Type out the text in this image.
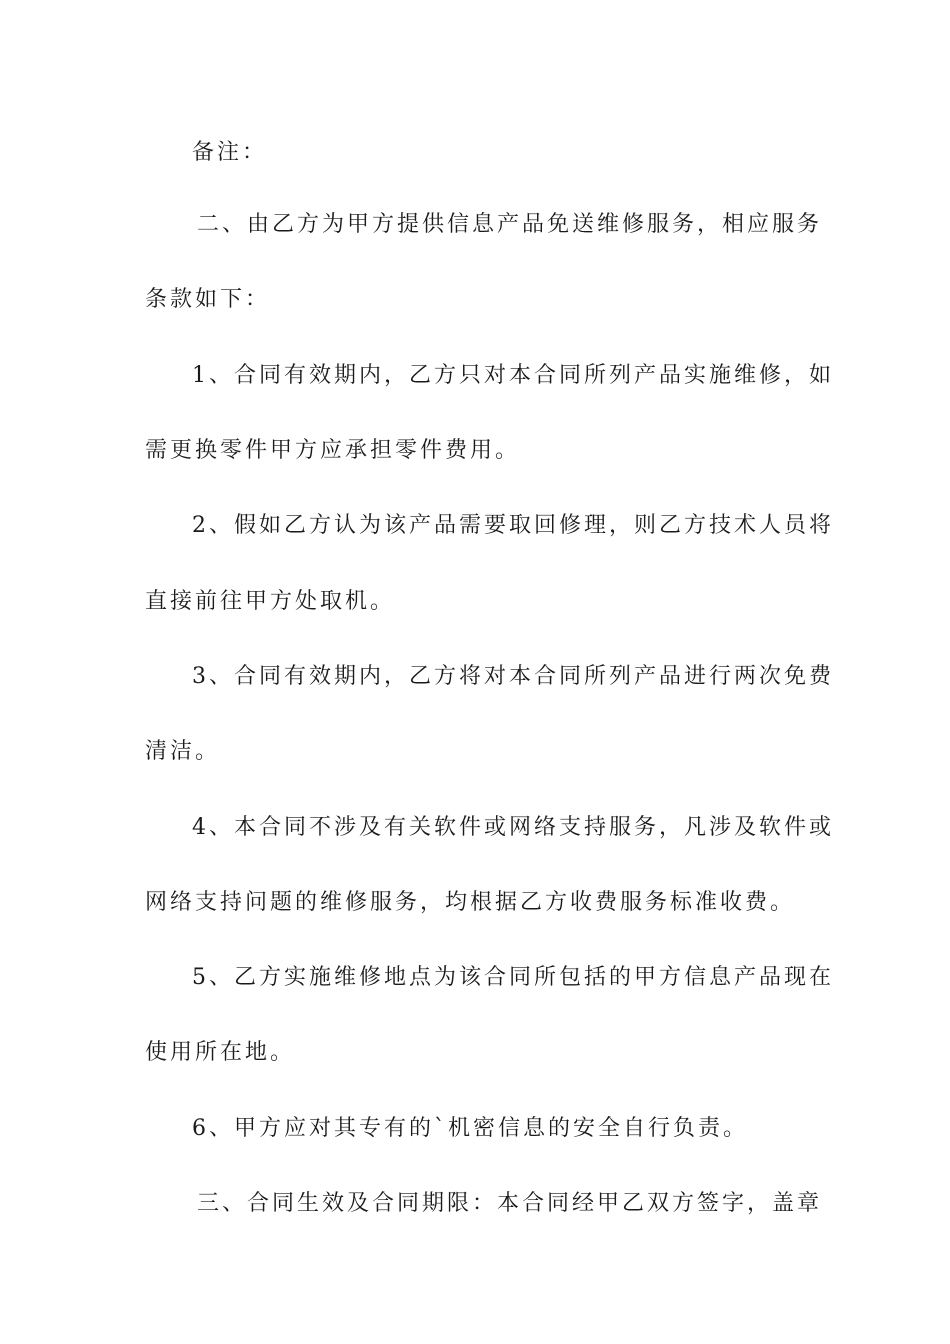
备注：
二、由乙方为甲方提供信息产品免送维修服务，相应服务
条款如下：
1、合同有效期内，乙方只对本合同所列产品实施维修，如
需更换零件甲方应承担零件费用。
2、假如乙方认为该产品需要取回修理，则乙方技术人员将
直接前往甲方处取机。
3、合同有效期内，乙方将对本合同所列产品进行两次免费
清洁。
4、本合同不涉及有关软件或网络支持服务，凡涉及软件或
网络支持问题的维修服务，均根据乙方收费服务标准收费。
5、乙方实施维修地点为该合同所包括的甲方信息产品现在
使用所在地。
6、甲方应对其专有的`机密信息的安全自行负责。
三、合同生效及合同期限：本合同经甲乙双方签字，盖章
